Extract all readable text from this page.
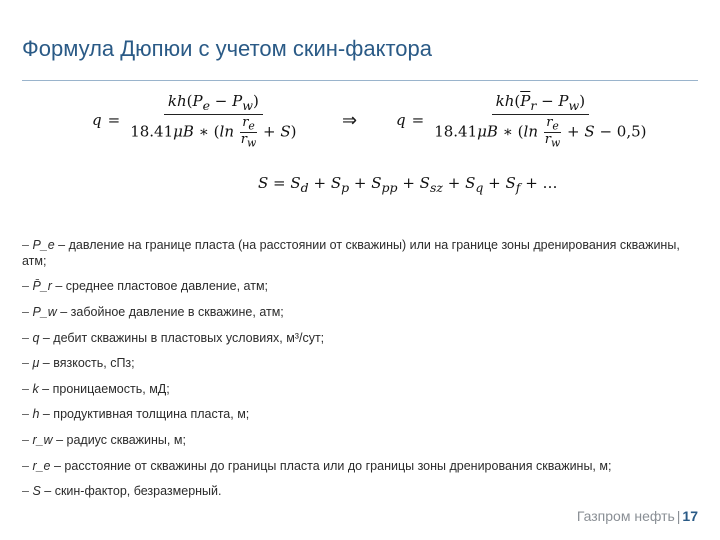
Формула Дюпюи с учетом скин-фактора
$q = \frac{kh(P_e - P_w)}{18.41\mu B ∗ (\ln \frac{r_e}{r_w} + S)}$ ⇒	$q = \frac{kh(\overline{P}_r - P_w)}{18.41\mu B ∗ (\ln \frac{r_e}{r_w} + S - 0,5)}$
$S = S_d + S_p + S_{pp} + S_{sz} + S_q + S_f$ + …
– P_e – давление на границе пласта (на расстоянии от скважины) или на границе зоны дренирования скважины, атм;
– P̄_r – среднее пластовое давление, атм;
– P_w – забойное давление в скважине, атм;
– q – дебит скважины в пластовых условиях, м³/сут;
– μ – вязкость, сПз;
– k – проницаемость, мД;
– h – продуктивная толщина пласта, м;
– r_w – радиус скважины, м;
– r_e – расстояние от скважины до границы пласта или до границы зоны дренирования скважины, м;
– S – скин-фактор, безразмерный.
Газпром нефть | 17
